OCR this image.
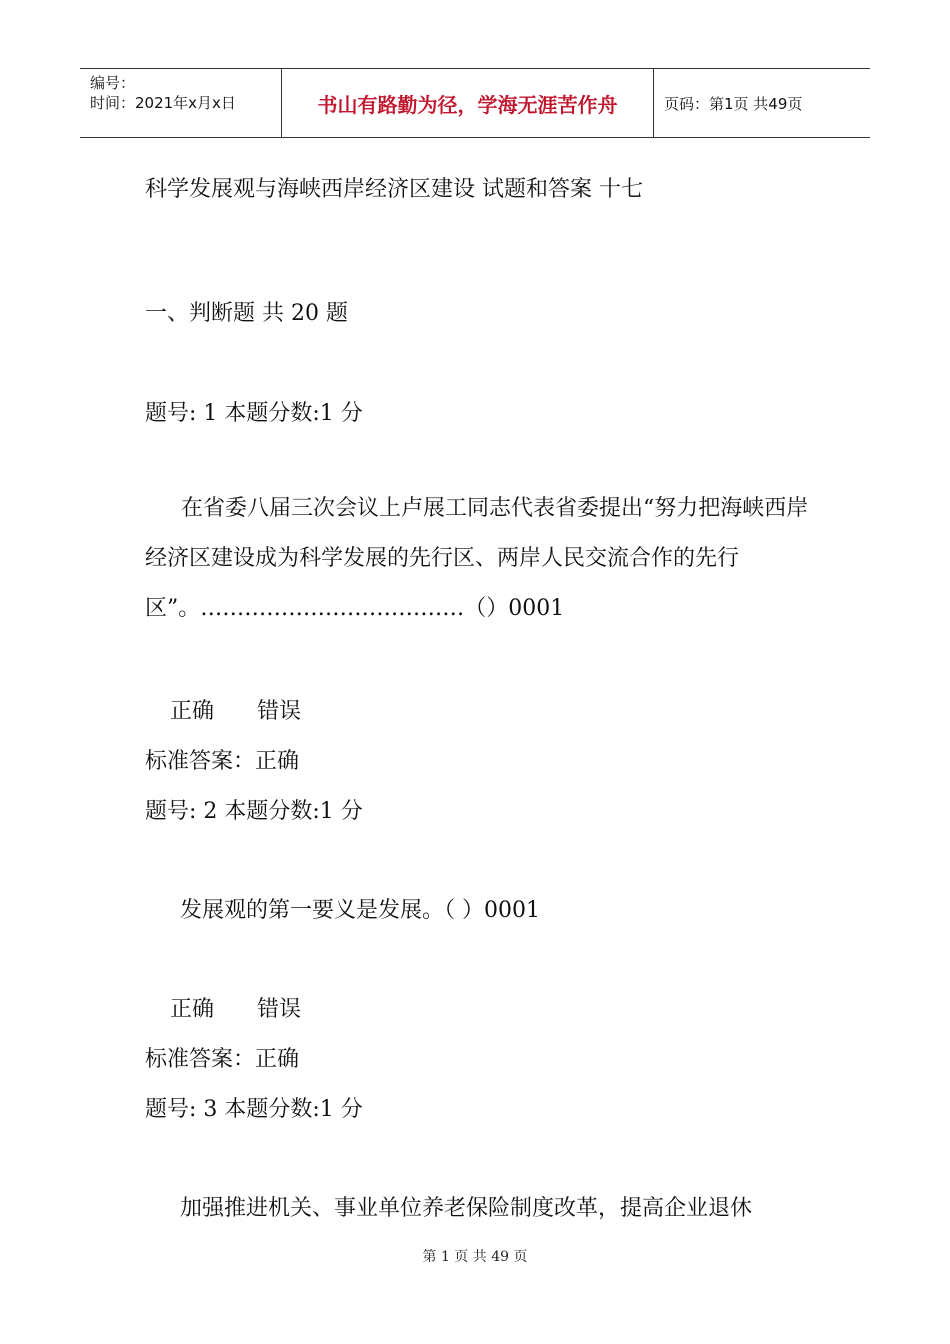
编号：
时间：2021年x月x日	书山有路勤为径，学海无涯苦作舟	页码：第1页 共49页
科学发展观与海峡西岸经济区建设 试题和答案 十七
一、判断题 共 20 题
题号: 1 本题分数:1 分
在省委八届三次会议上卢展工同志代表省委提出“努力把海峡西岸经济区建设成为科学发展的先行区、两岸人民交流合作的先行区”。………………………………（）0001
正确 错误
标准答案：正确
题号: 2 本题分数:1 分
发展观的第一要义是发展。（ ）0001
正确 错误
标准答案：正确
题号: 3 本题分数:1 分
加强推进机关、事业单位养老保险制度改革，提高企业退休
第 1 页 共 49 页
